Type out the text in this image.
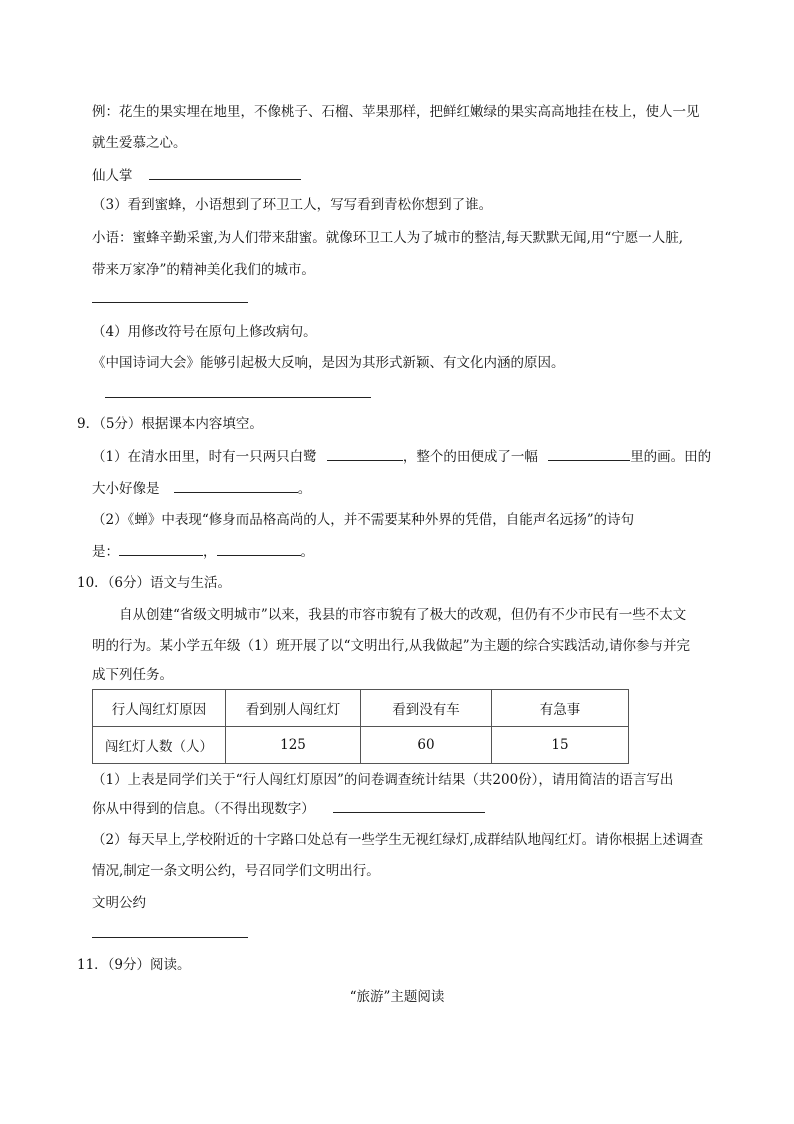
例：花生的果实埋在地里，不像桃子、石榴、苹果那样，把鲜红嫩绿的果实高高地挂在枝上，使人一见
就生爱慕之心。
仙人掌
（3）看到蜜蜂，小语想到了环卫工人，写写看到青松你想到了谁。
小语：蜜蜂辛勤采蜜,为人们带来甜蜜。就像环卫工人为了城市的整洁,每天默默无闻,用“宁愿一人脏,
带来万家净”的精神美化我们的城市。
（4）用修改符号在原句上修改病句。
《中国诗词大会》能够引起极大反响，是因为其形式新颖、有文化内涵的原因。
9．（5分）根据课本内容填空。
（1）在清水田里，时有一只两只白鹭	，整个的田便成了一幅	里的画。田的
大小好像是	。
（2）《蝉》中表现“修身而品格高尚的人，并不需要某种外界的凭借，自能声名远扬”的诗句
是：	，	。
10．（6分）语文与生活。
自从创建“省级文明城市”以来，我县的市容市貌有了极大的改观，但仍有不少市民有一些不太文
明的行为。某小学五年级（1）班开展了以“文明出行,从我做起”为主题的综合实践活动,请你参与并完
成下列任务。
行人闯红灯原因	看到别人闯红灯	看到没有车	有急事
闯红灯人数（人）	125	60	15
（1）上表是同学们关于“行人闯红灯原因”的问卷调查统计结果（共200份），请用简洁的语言写出
你从中得到的信息。（不得出现数字）
（2）每天早上,学校附近的十字路口处总有一些学生无视红绿灯,成群结队地闯红灯。请你根据上述调查
情况,制定一条文明公约，号召同学们文明出行。
文明公约
11．（9分）阅读。
“旅游”主题阅读
